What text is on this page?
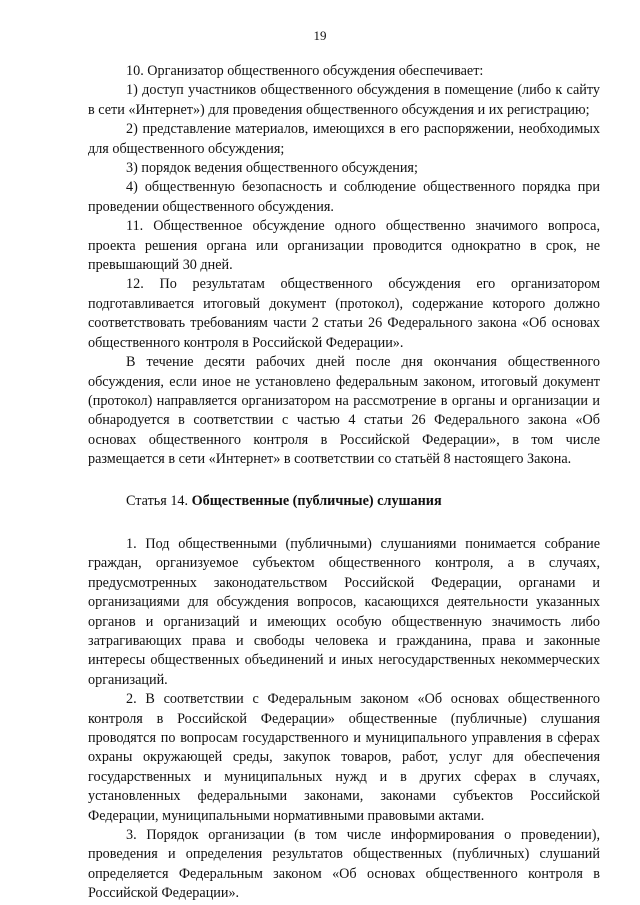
19

10. Организатор общественного обсуждения обеспечивает:

1) доступ участников общественного обсуждения в помещение (либо к сайту в сети «Интернет») для проведения общественного обсуждения и их регистрацию;

2) представление материалов, имеющихся в его распоряжении, необходимых для общественного обсуждения;

3) порядок ведения общественного обсуждения;

4) общественную безопасность и соблюдение общественного порядка при проведении общественного обсуждения.

11. Общественное обсуждение одного общественно значимого вопроса, проекта решения органа или организации проводится однократно в срок, не превышающий 30 дней.

12. По результатам общественного обсуждения его организатором подготавливается итоговый документ (протокол), содержание которого должно соответствовать требованиям части 2 статьи 26 Федерального закона «Об основах общественного контроля в Российской Федерации».

В течение десяти рабочих дней после дня окончания общественного обсуждения, если иное не установлено федеральным законом, итоговый документ (протокол) направляется организатором на рассмотрение в органы и организации и обнародуется в соответствии с частью 4 статьи 26 Федерального закона «Об основах общественного контроля в Российской Федерации», в том числе размещается в сети «Интернет» в соответствии со статьёй 8 настоящего Закона.

Статья 14. Общественные (публичные) слушания

1. Под общественными (публичными) слушаниями понимается собрание граждан, организуемое субъектом общественного контроля, а в случаях, предусмотренных законодательством Российской Федерации, органами и организациями для обсуждения вопросов, касающихся деятельности указанных органов и организаций и имеющих особую общественную значимость либо затрагивающих права и свободы человека и гражданина, права и законные интересы общественных объединений и иных негосударственных некоммерческих организаций.

2. В соответствии с Федеральным законом «Об основах общественного контроля в Российской Федерации» общественные (публичные) слушания проводятся по вопросам государственного и муниципального управления в сферах охраны окружающей среды, закупок товаров, работ, услуг для обеспечения государственных и муниципальных нужд и в других сферах в случаях, установленных федеральными законами, законами субъектов Российской Федерации, муниципальными нормативными правовыми актами.

3. Порядок организации (в том числе информирования о проведении), проведения и определения результатов общественных (публичных) слушаний определяется Федеральным законом «Об основах общественного контроля в Российской Федерации».
